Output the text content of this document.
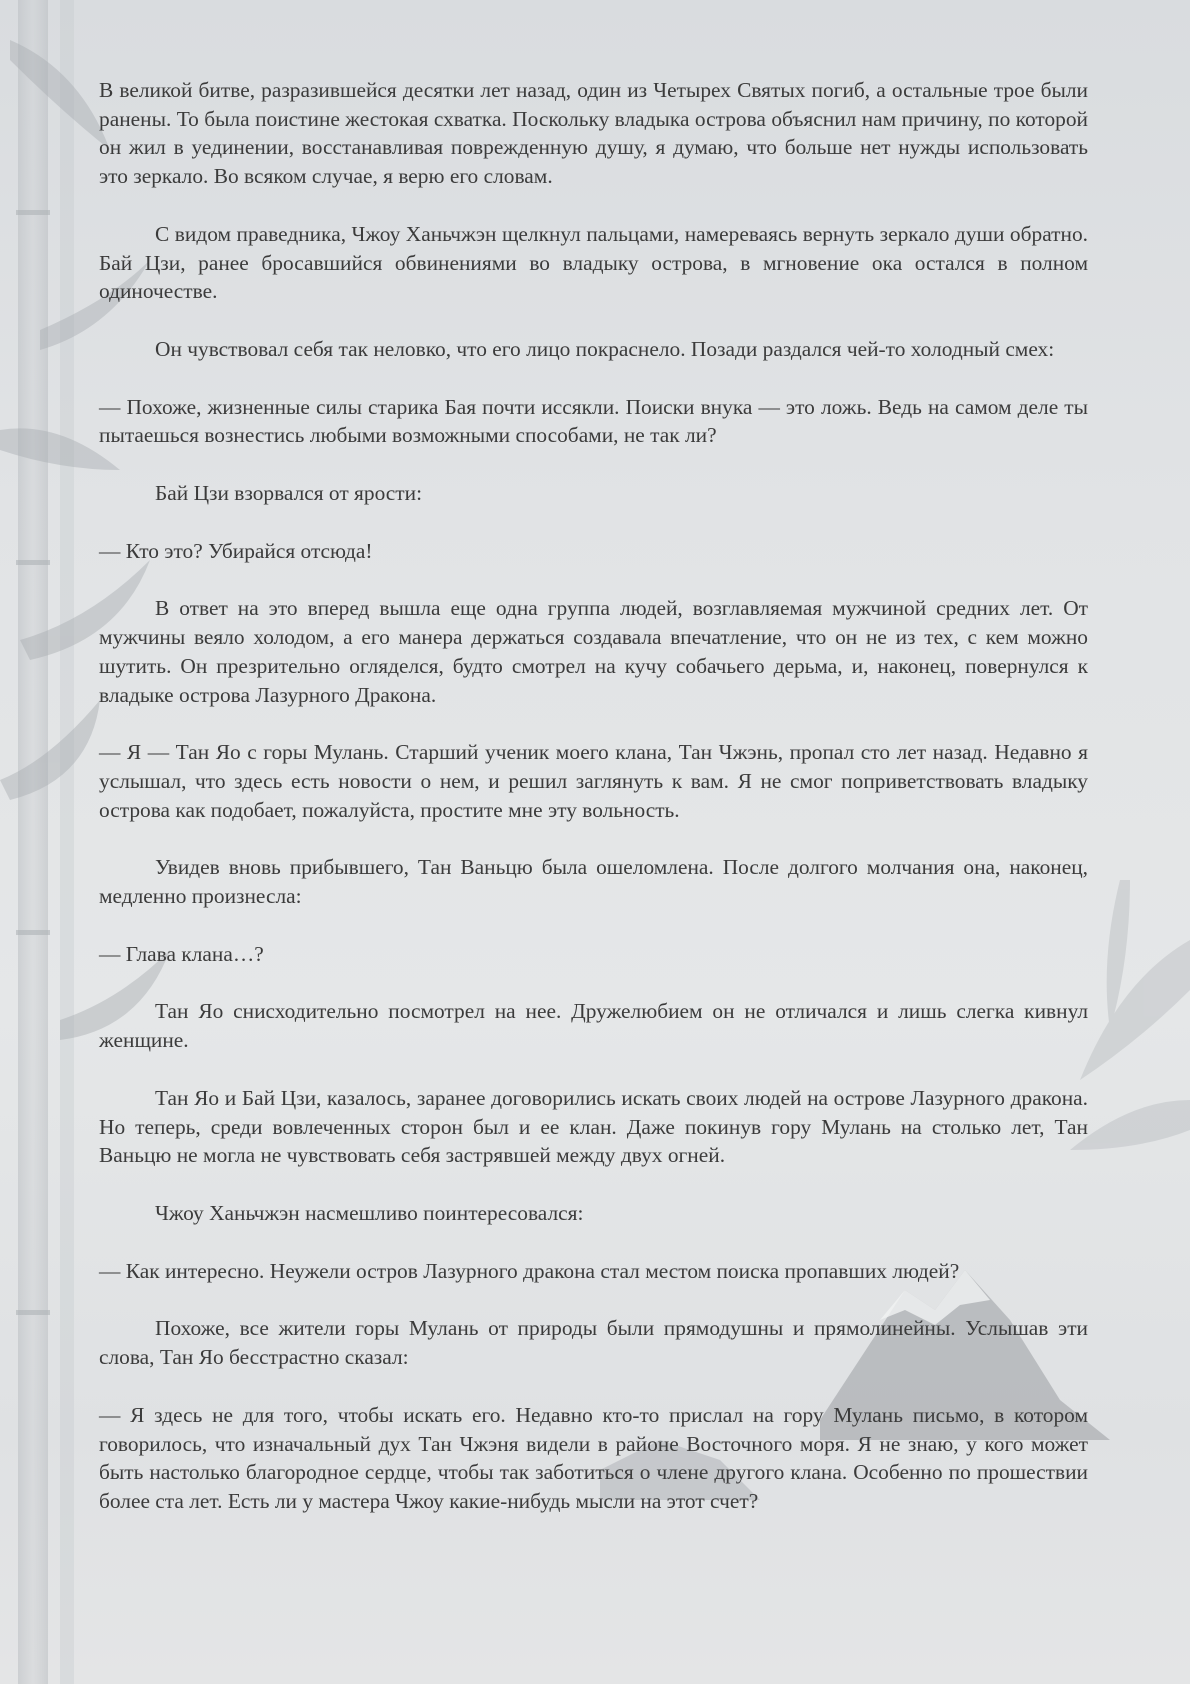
В великой битве, разразившейся десятки лет назад, один из Четырех Святых погиб, а остальные трое были ранены. То была поистине жестокая схватка. Поскольку владыка острова объяснил нам причину, по которой он жил в уединении, восстанавливая поврежденную душу, я думаю, что больше нет нужды использовать это зеркало. Во всяком случае, я верю его словам.

С видом праведника, Чжоу Ханьчжэн щелкнул пальцами, намереваясь вернуть зеркало души обратно. Бай Цзи, ранее бросавшийся обвинениями во владыку острова, в мгновение ока остался в полном одиночестве.

Он чувствовал себя так неловко, что его лицо покраснело. Позади раздался чей-то холодный смех:

— Похоже, жизненные силы старика Бая почти иссякли. Поиски внука — это ложь. Ведь на самом деле ты пытаешься вознестись любыми возможными способами, не так ли?

Бай Цзи взорвался от ярости:

— Кто это? Убирайся отсюда!

В ответ на это вперед вышла еще одна группа людей, возглавляемая мужчиной средних лет. От мужчины веяло холодом, а его манера держаться создавала впечатление, что он не из тех, с кем можно шутить. Он презрительно огляделся, будто смотрел на кучу собачьего дерьма, и, наконец, повернулся к владыке острова Лазурного Дракона.

— Я — Тан Яо с горы Мулань. Старший ученик моего клана, Тан Чжэнь, пропал сто лет назад. Недавно я услышал, что здесь есть новости о нем, и решил заглянуть к вам. Я не смог поприветствовать владыку острова как подобает, пожалуйста, простите мне эту вольность.

Увидев вновь прибывшего, Тан Ваньцю была ошеломлена. После долгого молчания она, наконец, медленно произнесла:

— Глава клана…?

Тан Яо снисходительно посмотрел на нее. Дружелюбием он не отличался и лишь слегка кивнул женщине.

Тан Яо и Бай Цзи, казалось, заранее договорились искать своих людей на острове Лазурного дракона. Но теперь, среди вовлеченных сторон был и ее клан. Даже покинув гору Мулань на столько лет, Тан Ваньцю не могла не чувствовать себя застрявшей между двух огней.

Чжоу Ханьчжэн насмешливо поинтересовался:

— Как интересно. Неужели остров Лазурного дракона стал местом поиска пропавших людей?

Похоже, все жители горы Мулань от природы были прямодушны и прямолинейны. Услышав эти слова, Тан Яо бесстрастно сказал:

— Я здесь не для того, чтобы искать его. Недавно кто-то прислал на гору Мулань письмо, в котором говорилось, что изначальный дух Тан Чжэня видели в районе Восточного моря. Я не знаю, у кого может быть настолько благородное сердце, чтобы так заботиться о члене другого клана. Особенно по прошествии более ста лет. Есть ли у мастера Чжоу какие-нибудь мысли на этот счет?
